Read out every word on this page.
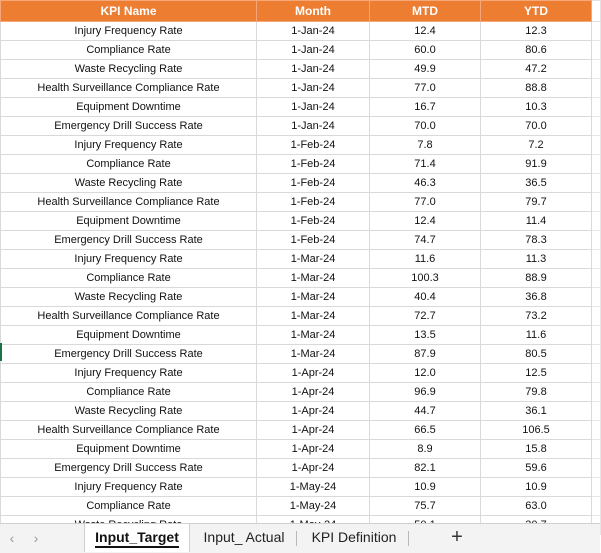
KPI Name	Month	MTD	YTD	
Injury Frequency Rate	1-Jan-24	12.4	12.3	
Compliance Rate	1-Jan-24	60.0	80.6	
Waste Recycling Rate	1-Jan-24	49.9	47.2	
Health Surveillance Compliance Rate	1-Jan-24	77.0	88.8	
Equipment Downtime	1-Jan-24	16.7	10.3	
Emergency Drill Success Rate	1-Jan-24	70.0	70.0	
Injury Frequency Rate	1-Feb-24	7.8	7.2	
Compliance Rate	1-Feb-24	71.4	91.9	
Waste Recycling Rate	1-Feb-24	46.3	36.5	
Health Surveillance Compliance Rate	1-Feb-24	77.0	79.7	
Equipment Downtime	1-Feb-24	12.4	11.4	
Emergency Drill Success Rate	1-Feb-24	74.7	78.3	
Injury Frequency Rate	1-Mar-24	11.6	11.3	
Compliance Rate	1-Mar-24	100.3	88.9	
Waste Recycling Rate	1-Mar-24	40.4	36.8	
Health Surveillance Compliance Rate	1-Mar-24	72.7	73.2	
Equipment Downtime	1-Mar-24	13.5	11.6	
Emergency Drill Success Rate	1-Mar-24	87.9	80.5	
Injury Frequency Rate	1-Apr-24	12.0	12.5	
Compliance Rate	1-Apr-24	96.9	79.8	
Waste Recycling Rate	1-Apr-24	44.7	36.1	
Health Surveillance Compliance Rate	1-Apr-24	66.5	106.5	
Equipment Downtime	1-Apr-24	8.9	15.8	
Emergency Drill Success Rate	1-Apr-24	82.1	59.6	
Injury Frequency Rate	1-May-24	10.9	10.9	
Compliance Rate	1-May-24	75.7	63.0	

‹	›	Input_Target	Input_ Actual	KPI Definition	+
